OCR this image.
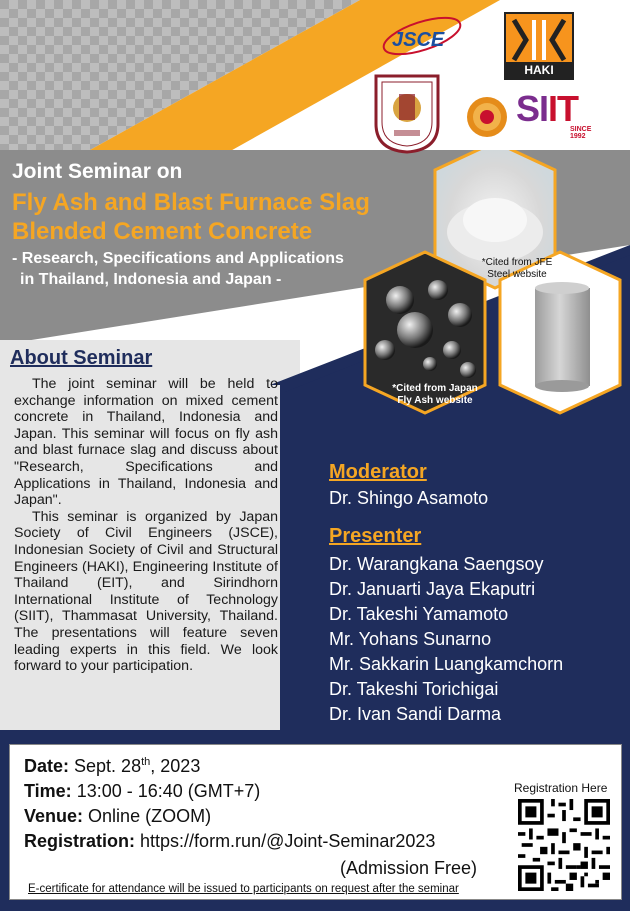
JSCE
HAKI
SIIT
SINCE 1992
*Cited from JFE
Steel website
*Cited from Japan
Fly Ash website
Joint Seminar on
Fly Ash and Blast Furnace Slag
Blended Cement Concrete
- Research, Specifications and Applications
in Thailand, Indonesia and Japan -
About Seminar

The joint seminar will be held to exchange information on mixed cement concrete in Thailand, Indonesia and Japan. This seminar will focus on fly ash and blast furnace slag and discuss about "Research, Specifications and Applications in Thailand, Indonesia and Japan".

This seminar is organized by Japan Society of Civil Engineers (JSCE), Indonesian Society of Civil and Structural Engineers (HAKI), Engineering Institute of Thailand (EIT), and Sirindhorn International Institute of Technology (SIIT), Thammasat University, Thailand. The presentations will feature seven leading experts in this field. We look forward to your participation.

Moderator
Dr. Shingo Asamoto
Presenter
Dr. Warangkana Saengsoy
Dr. Januarti Jaya Ekaputri
Dr. Takeshi Yamamoto
Mr. Yohans Sunarno
Mr. Sakkarin Luangkamchorn
Dr. Takeshi Torichigai
Dr. Ivan Sandi Darma
Date: Sept. 28th, 2023
Time: 13:00 - 16:40 (GMT+7)
Venue: Online (ZOOM)
Registration: https://form.run/@Joint-Seminar2023
(Admission Free)
E-certificate for attendance will be issued to participants on request after the seminar
Registration Here
